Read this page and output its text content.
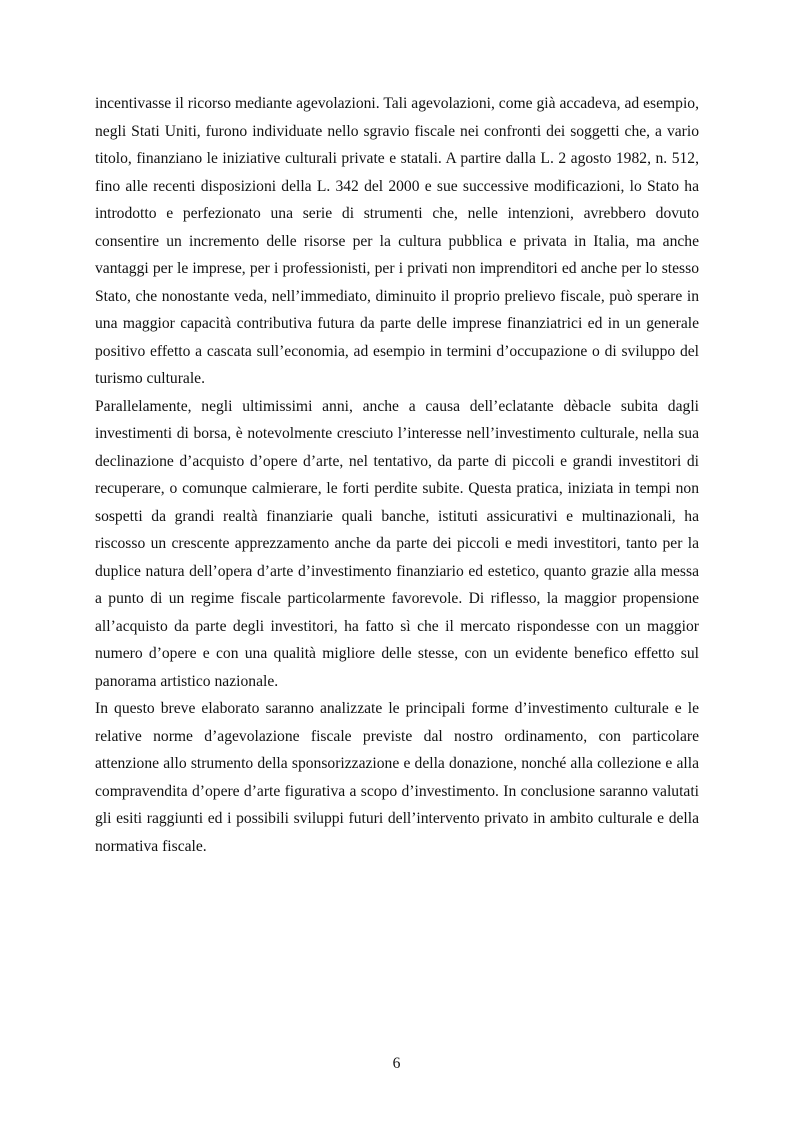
incentivasse il ricorso mediante agevolazioni. Tali agevolazioni, come già accadeva, ad esempio, negli Stati Uniti, furono individuate nello sgravio fiscale nei confronti dei soggetti che, a vario titolo, finanziano le iniziative culturali private e statali. A partire dalla L. 2 agosto 1982, n. 512, fino alle recenti disposizioni della L. 342 del 2000 e sue successive modificazioni, lo Stato ha introdotto e perfezionato una serie di strumenti che, nelle intenzioni, avrebbero dovuto consentire un incremento delle risorse per la cultura pubblica e privata in Italia, ma anche vantaggi per le imprese, per i professionisti, per i privati non imprenditori ed anche per lo stesso Stato, che nonostante veda, nell’immediato, diminuito il proprio prelievo fiscale, può sperare in una maggior capacità contributiva futura da parte delle imprese finanziatrici ed in un generale positivo effetto a cascata sull’economia, ad esempio in termini d’occupazione o di sviluppo del turismo culturale.

Parallelamente, negli ultimissimi anni, anche a causa dell’eclatante dèbacle subita dagli investimenti di borsa, è notevolmente cresciuto l’interesse nell’investimento culturale, nella sua declinazione d’acquisto d’opere d’arte, nel tentativo, da parte di piccoli e grandi investitori di recuperare, o comunque calmierare, le forti perdite subite. Questa pratica, iniziata in tempi non sospetti da grandi realtà finanziarie quali banche, istituti assicurativi e multinazionali, ha riscosso un crescente apprezzamento anche da parte dei piccoli e medi investitori, tanto per la duplice natura dell’opera d’arte d’investimento finanziario ed estetico, quanto grazie alla messa a punto di un regime fiscale particolarmente favorevole. Di riflesso, la maggior propensione all’acquisto da parte degli investitori, ha fatto sì che il mercato rispondesse con un maggior numero d’opere e con una qualità migliore delle stesse, con un evidente benefico effetto sul panorama artistico nazionale.

In questo breve elaborato saranno analizzate le principali forme d’investimento culturale e le relative norme d’agevolazione fiscale previste dal nostro ordinamento, con particolare attenzione allo strumento della sponsorizzazione e della donazione, nonché alla collezione e alla compravendita d’opere d’arte figurativa a scopo d’investimento. In conclusione saranno valutati gli esiti raggiunti ed i possibili sviluppi futuri dell’intervento privato in ambito culturale e della normativa fiscale.

6
